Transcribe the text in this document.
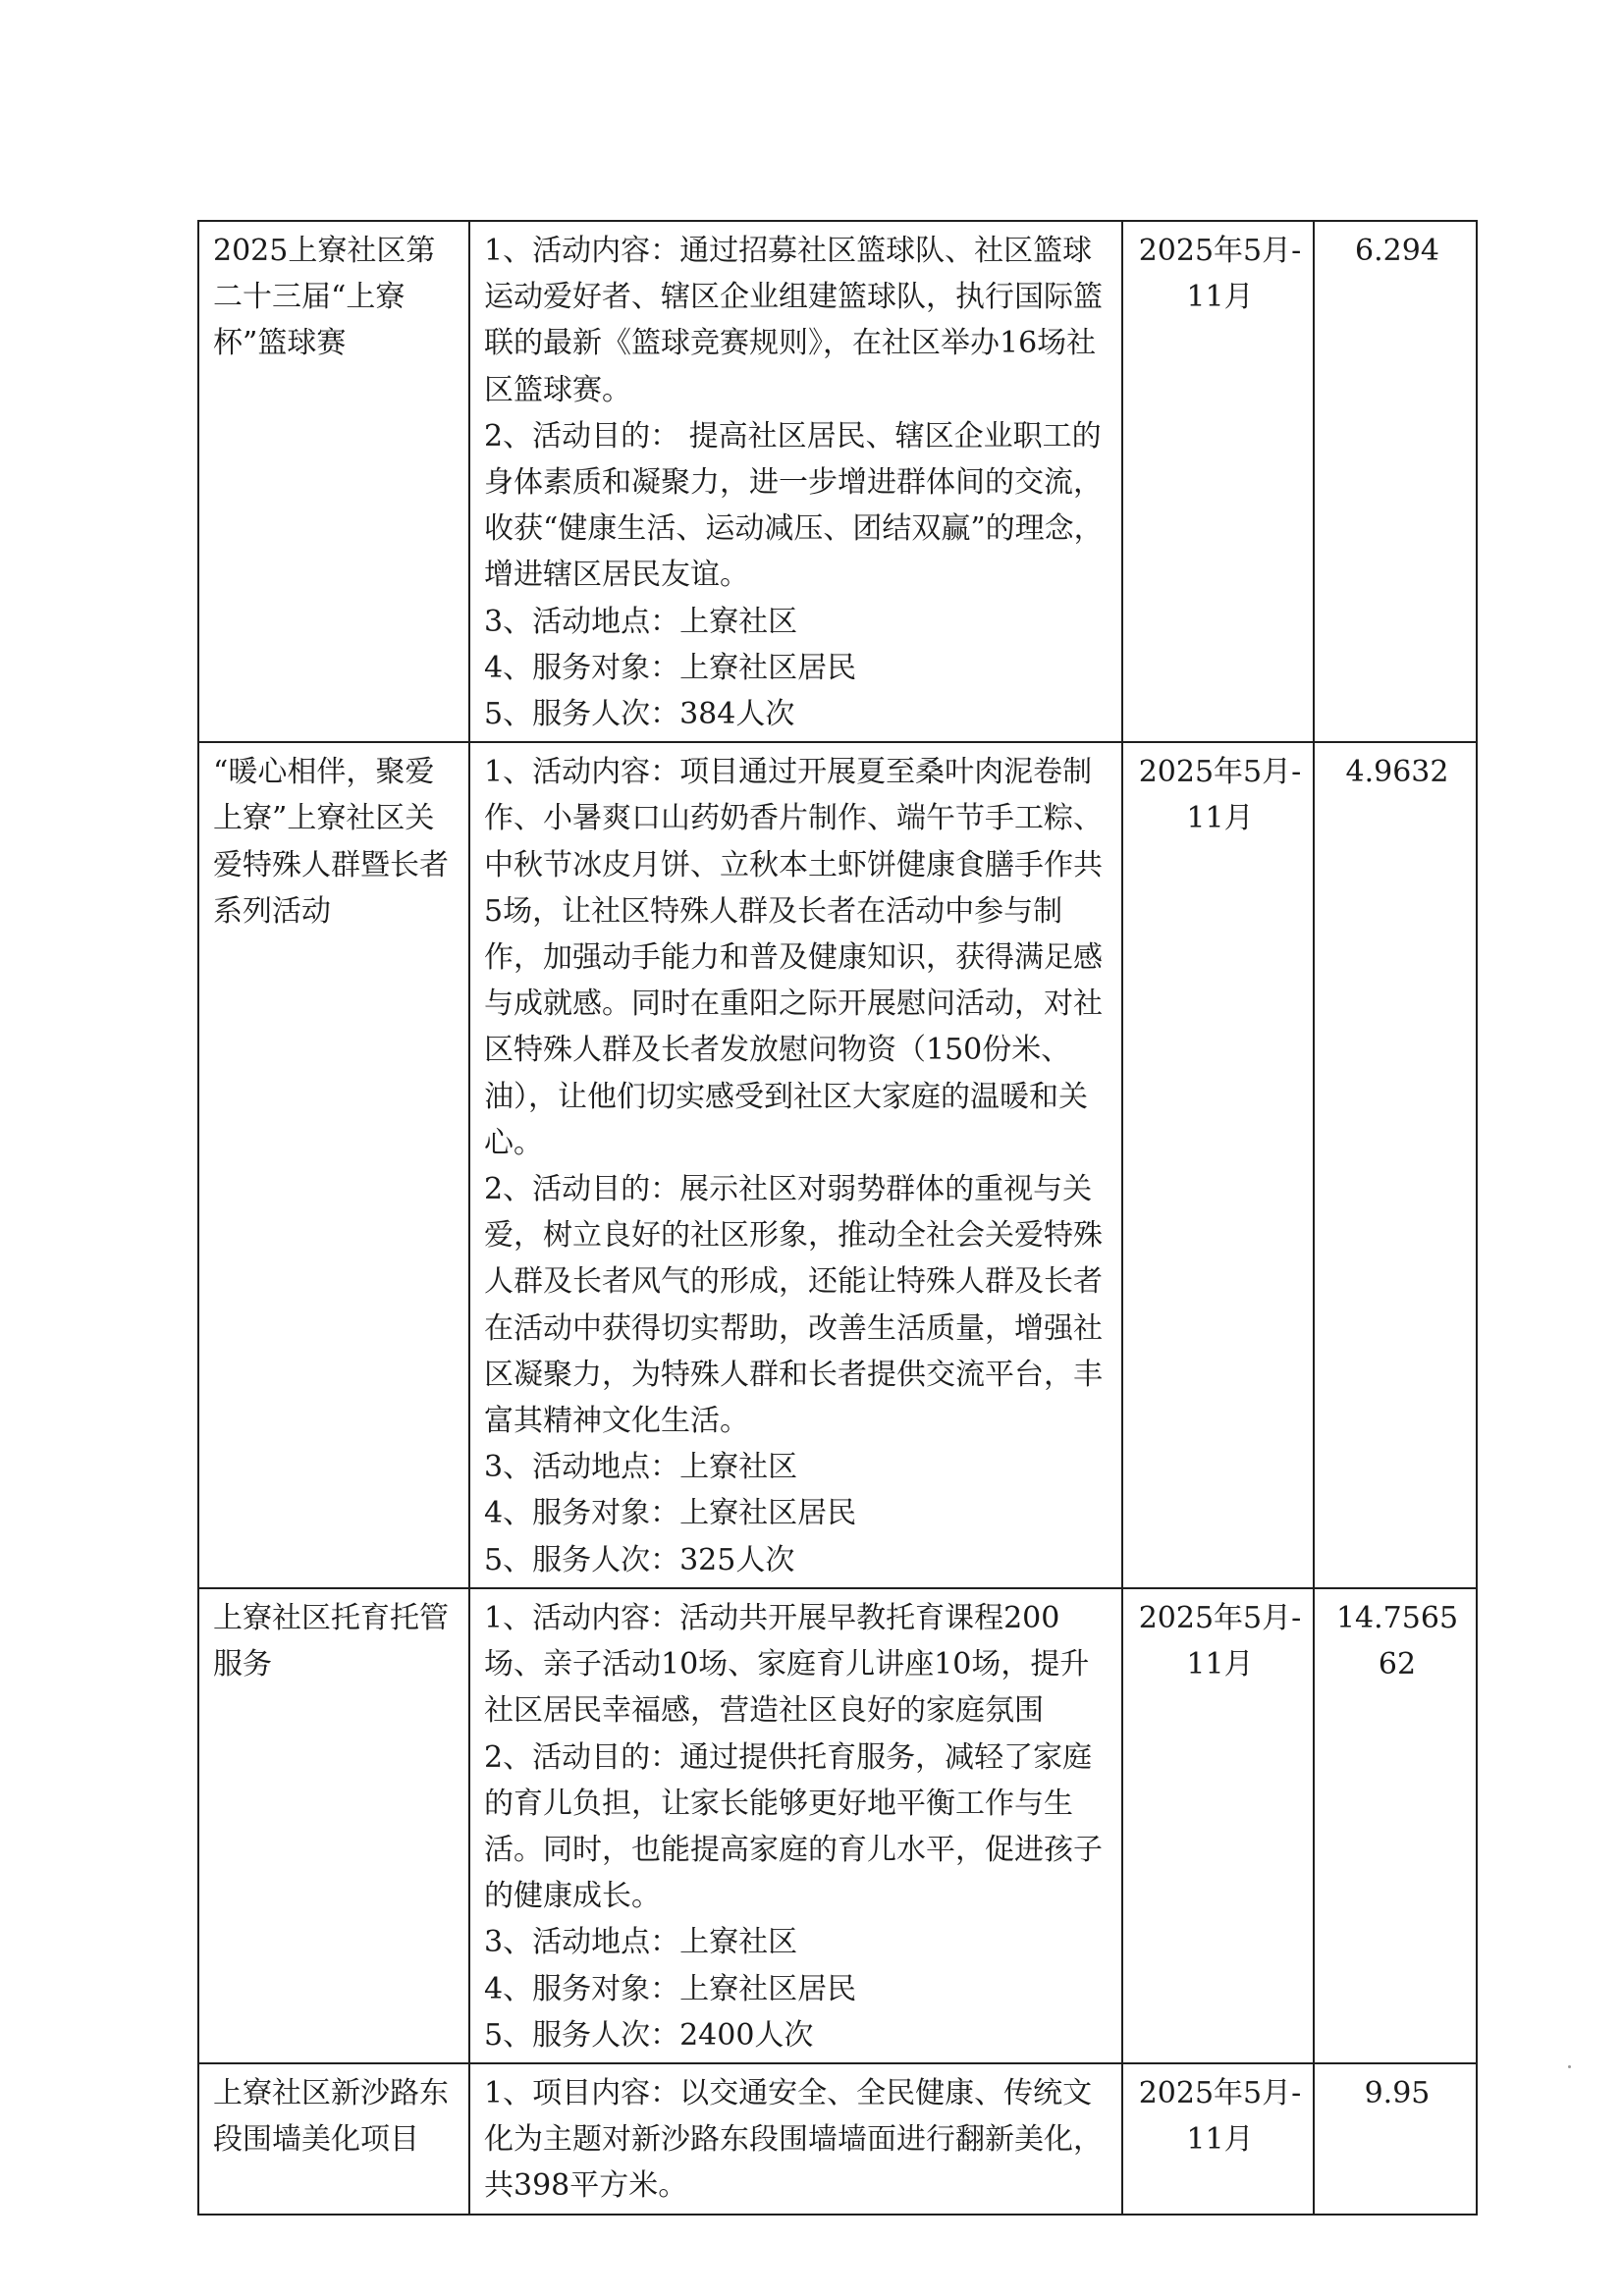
2025上寮社区第二十三届“上寮杯”篮球赛	1、活动内容：通过招募社区篮球队、社区篮球运动爱好者、辖区企业组建篮球队，执行国际篮联的最新《篮球竞赛规则》，在社区举办16场社区篮球赛。
2、活动目的： 提高社区居民、辖区企业职工的身体素质和凝聚力，进一步增进群体间的交流，收获“健康生活、运动减压、团结双赢”的理念，增进辖区居民友谊。
3、活动地点：上寮社区
4、服务对象：上寮社区居民
5、服务人次：384人次	2025年5月-11月	6.294
“暖心相伴，聚爱上寮”上寮社区关爱特殊人群暨长者系列活动	1、活动内容：项目通过开展夏至桑叶肉泥卷制作、小暑爽口山药奶香片制作、端午节手工粽、中秋节冰皮月饼、立秋本土虾饼健康食膳手作共5场，让社区特殊人群及长者在活动中参与制作，加强动手能力和普及健康知识，获得满足感与成就感。同时在重阳之际开展慰问活动，对社区特殊人群及长者发放慰问物资（150份米、油），让他们切实感受到社区大家庭的温暖和关心。
2、活动目的：展示社区对弱势群体的重视与关爱，树立良好的社区形象，推动全社会关爱特殊人群及长者风气的形成，还能让特殊人群及长者在活动中获得切实帮助，改善生活质量，增强社区凝聚力，为特殊人群和长者提供交流平台，丰富其精神文化生活。
3、活动地点：上寮社区
4、服务对象：上寮社区居民
5、服务人次：325人次	2025年5月-11月	4.9632
上寮社区托育托管服务	1、活动内容：活动共开展早教托育课程200场、亲子活动10场、家庭育儿讲座10场，提升社区居民幸福感，营造社区良好的家庭氛围
2、活动目的：通过提供托育服务，减轻了家庭的育儿负担，让家长能够更好地平衡工作与生活。同时，也能提高家庭的育儿水平，促进孩子的健康成长。
3、活动地点：上寮社区
4、服务对象：上寮社区居民
5、服务人次：2400人次	2025年5月-11月	14.756562
上寮社区新沙路东段围墙美化项目	1、项目内容：以交通安全、全民健康、传统文化为主题对新沙路东段围墙墙面进行翻新美化，共398平方米。	2025年5月-11月	9.95
